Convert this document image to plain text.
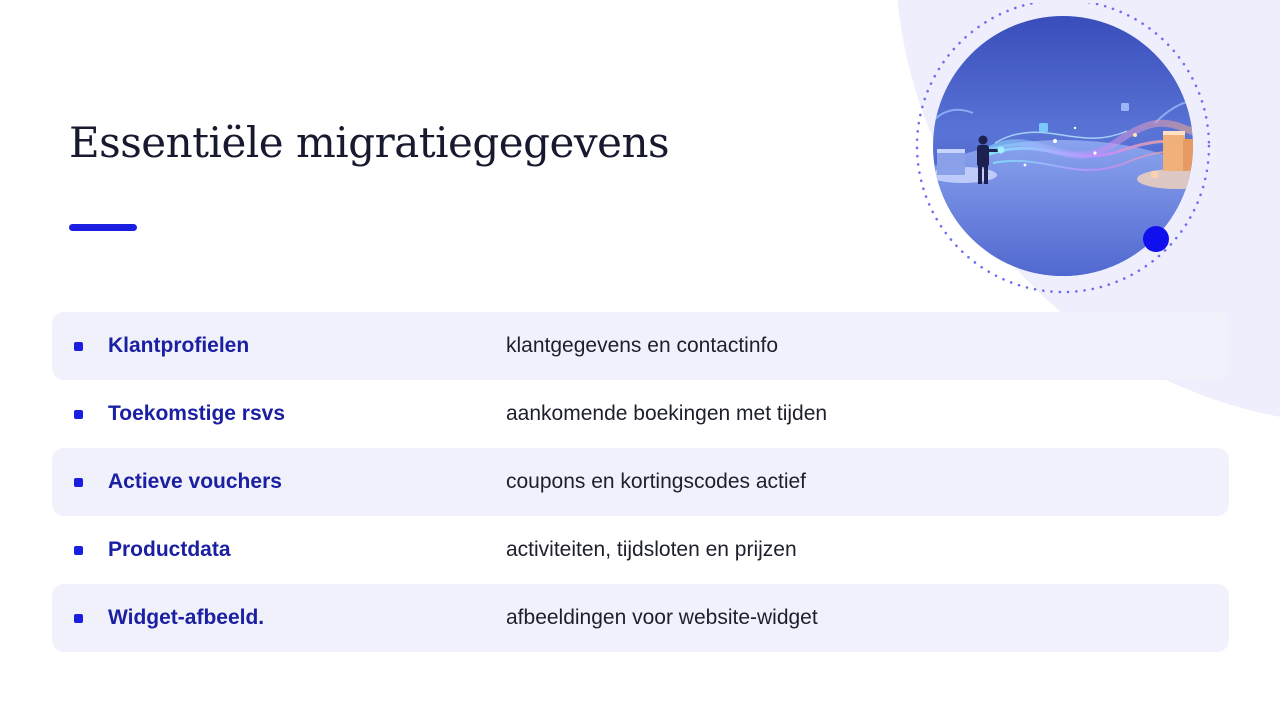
Essentiële migratiegegevens
Klantprofielen	klantgegevens en contactinfo
Toekomstige rsvs	aankomende boekingen met tijden
Actieve vouchers	coupons en kortingscodes actief
Productdata	activiteiten, tijdsloten en prijzen
Widget-afbeeld.	afbeeldingen voor website-widget
